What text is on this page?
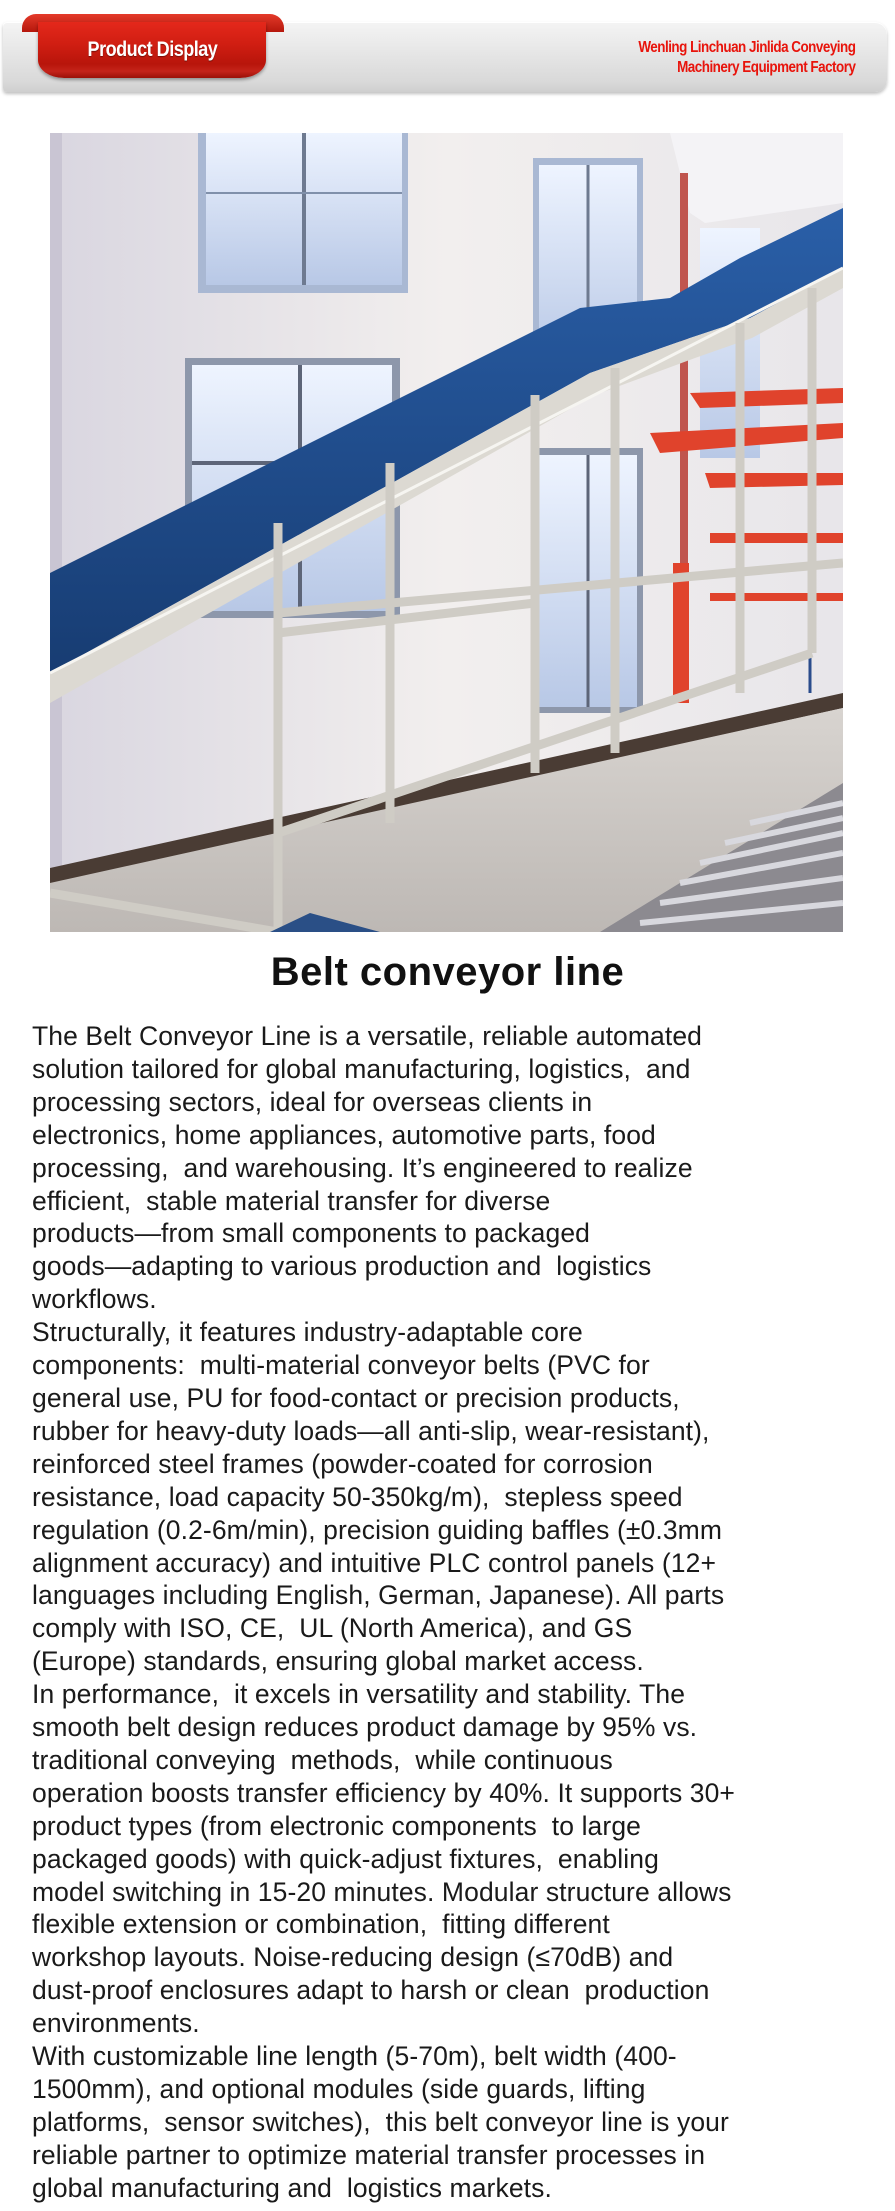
Product Display	Wenling Linchuan Jinlida Conveying
Machinery Equipment Factory
Belt conveyor line
The Belt Conveyor Line is a versatile, reliable automated
solution tailored for global manufacturing, logistics,  and
processing sectors, ideal for overseas clients in
electronics, home appliances, automotive parts, food
processing,  and warehousing. It’s engineered to realize
efficient,  stable material transfer for diverse
products—from small components to packaged
goods—adapting to various production and  logistics
workflows.
Structurally, it features industry-adaptable core
components:  multi-material conveyor belts (PVC for
general use, PU for food-contact or precision products,
rubber for heavy-duty loads—all anti-slip, wear-resistant),
reinforced steel frames (powder-coated for corrosion
resistance, load capacity 50-350kg/m),  stepless speed
regulation (0.2-6m/min), precision guiding baffles (±0.3mm
alignment accuracy) and intuitive PLC control panels (12+
languages including English, German, Japanese). All parts
comply with ISO, CE,  UL (North America), and GS
(Europe) standards, ensuring global market access.
In performance,  it excels in versatility and stability. The
smooth belt design reduces product damage by 95% vs.
traditional conveying  methods,  while continuous
operation boosts transfer efficiency by 40%. It supports 30+
product types (from electronic components  to large
packaged goods) with quick-adjust fixtures,  enabling
model switching in 15-20 minutes. Modular structure allows
flexible extension or combination,  fitting different
workshop layouts. Noise-reducing design (≤70dB) and
dust-proof enclosures adapt to harsh or clean  production
environments.
With customizable line length (5-70m), belt width (400-
1500mm), and optional modules (side guards, lifting
platforms,  sensor switches),  this belt conveyor line is your
reliable partner to optimize material transfer processes in
global manufacturing and  logistics markets.
